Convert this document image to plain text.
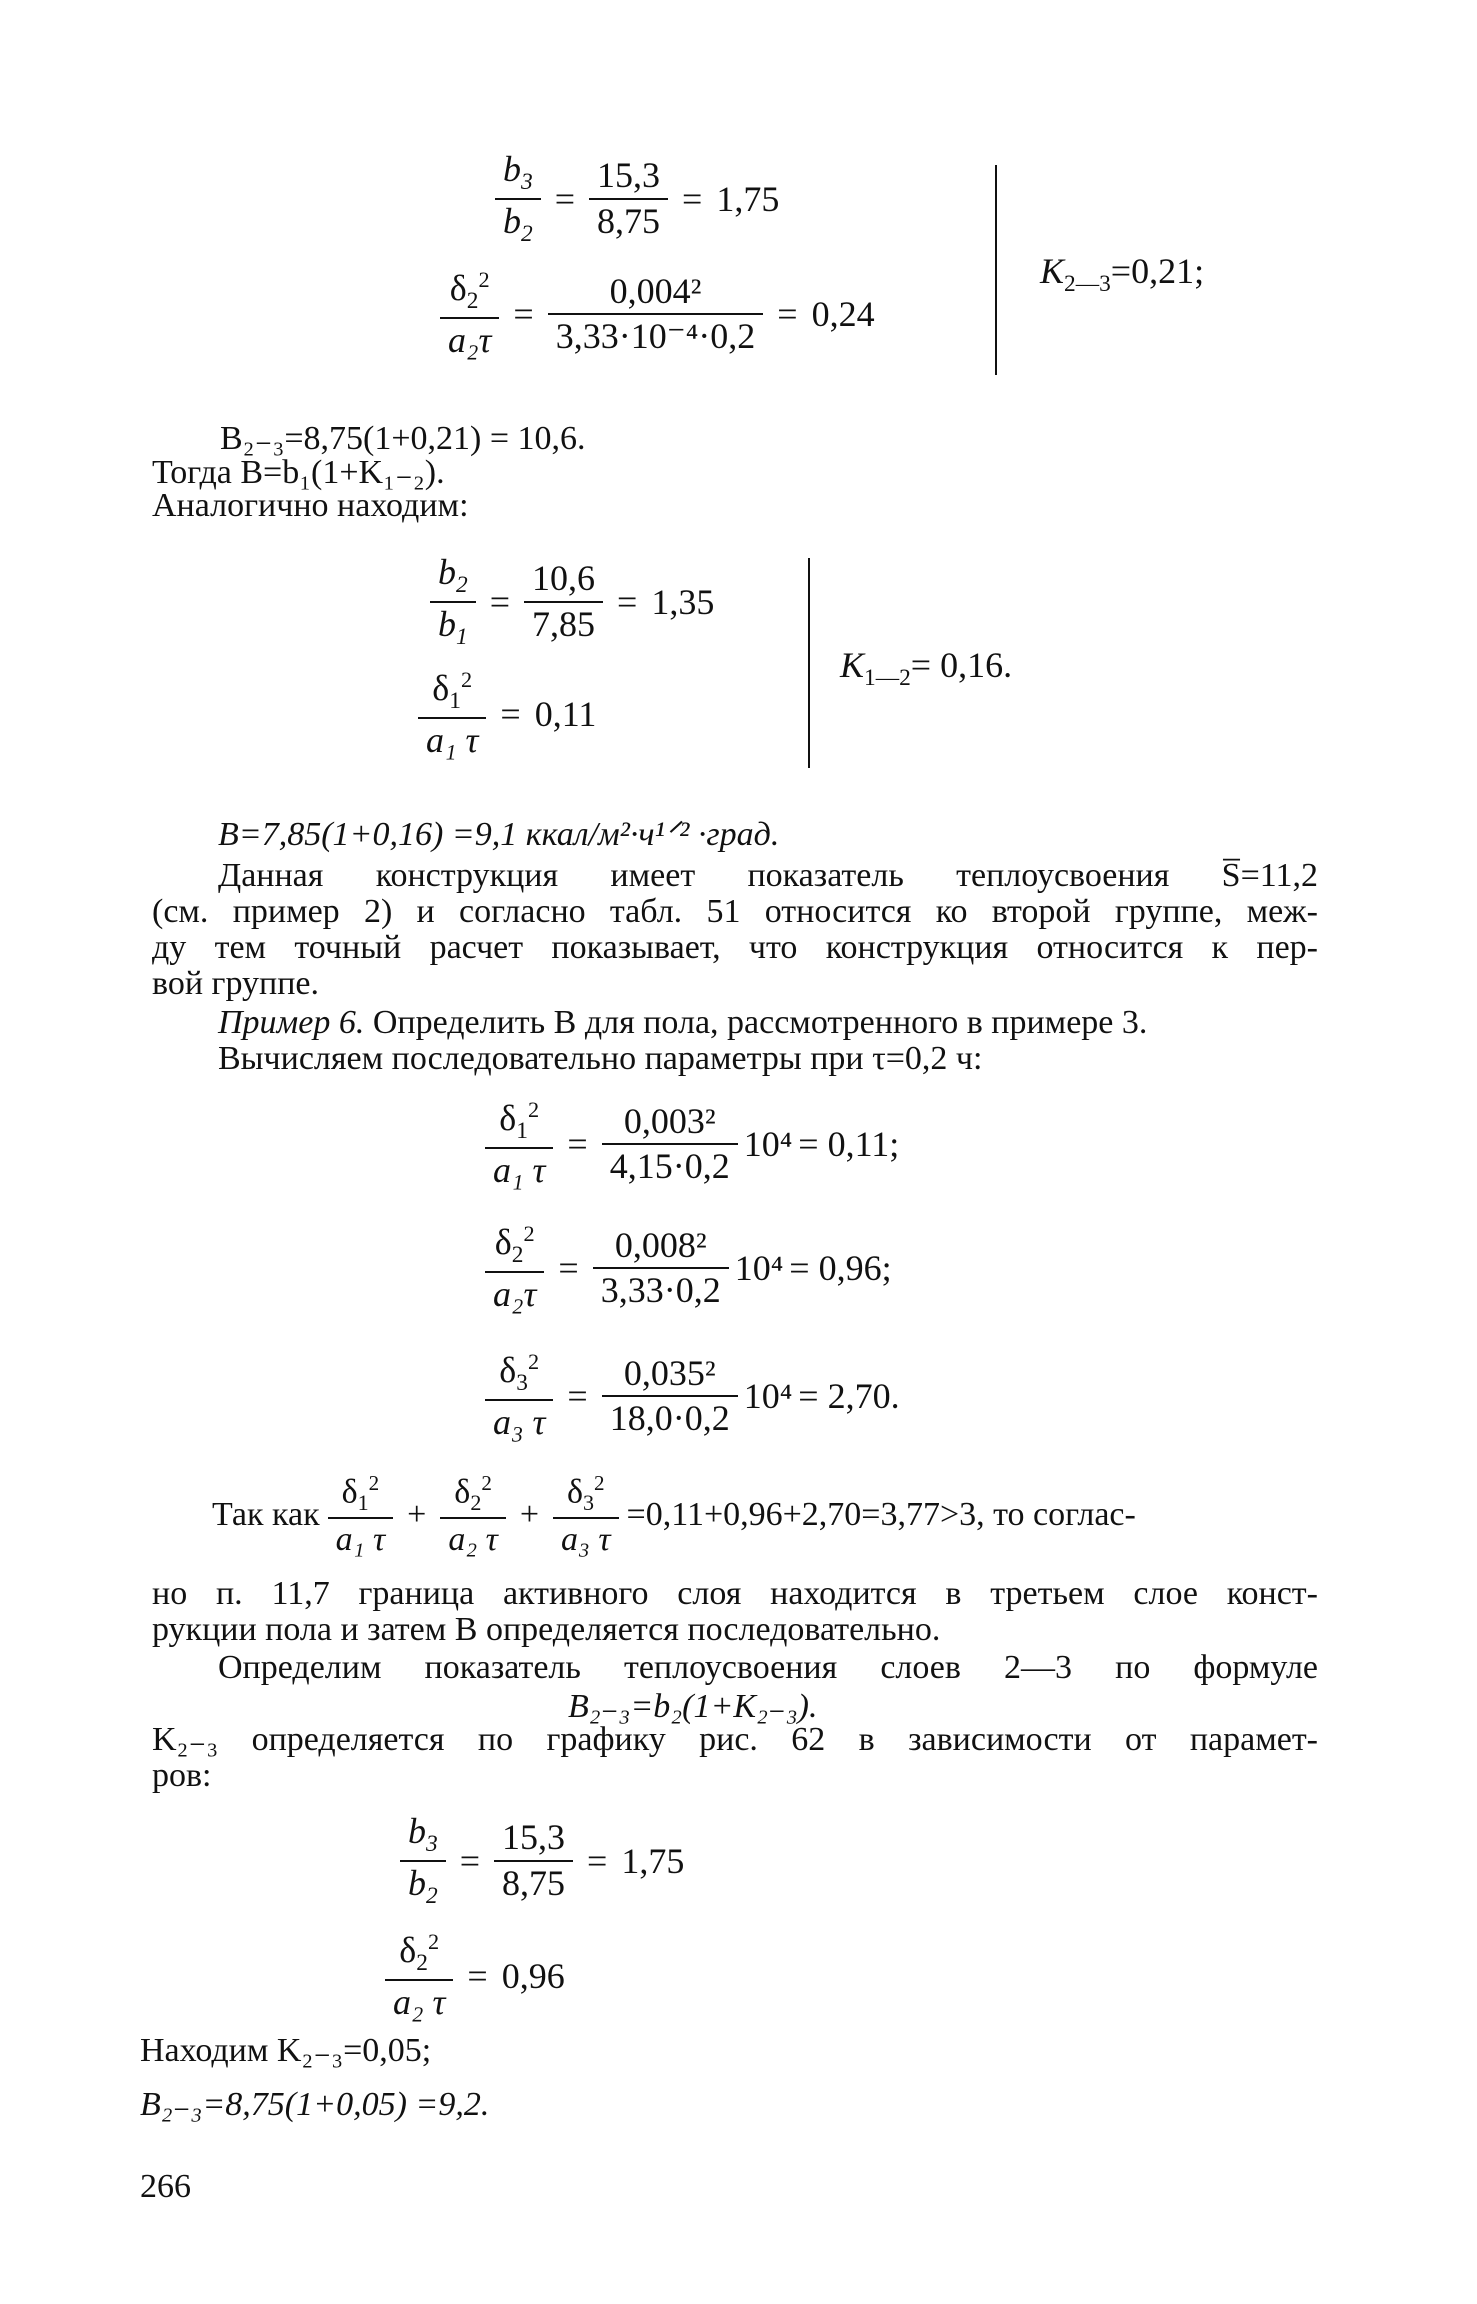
$\frac{b_3}{b_2} = \frac{15,3}{8,75} = 1,75$
$\frac{\delta_2^2}{\text{a₂τ}} = \frac{\text{0,004²}}{\text{3,33·10⁻⁴·0,2}} = 0,24$
$K_{2—3}=0,21$;
B₂₋₃=8,75(1+0,21) = 10,6.
Тогда B=b₁(1+K₁₋₂).
Аналогично находим:
$\frac{b_2}{b_1} = \frac{10,6}{7,85} = 1,35$
$\frac{\delta_1^2}{\text{a₁ τ}} = 0,11$
$K_{1—2}= 0,16$.
B=7,85(1+0,16) =9,1 ккал/м²·ч¹ᐟ² ·град.
Данная конструкция имеет показатель теплоусвоения S̅=11,2
(см. пример 2) и согласно табл. 51 относится ко второй группе, меж-
ду тем точный расчет показывает, что конструкция относится к пер-
вой группе.
Пример 6. Определить B для пола, рассмотренного в примере 3.
Вычисляем последовательно параметры при τ=0,2 ч:
$\frac{\delta_1^2}{\text{a₁ τ}} = \frac{\text{0,003²}}{4,15\cdot 0,2} 10^4 = 0,11$;
$\frac{\delta_2^2}{\text{a₂τ}} = \frac{\text{0,008²}}{3,33\cdot 0,2} 10^4 = 0,96$;
$\frac{\delta_3^2}{\text{a₃ τ}} = \frac{\text{0,035²}}{18,0\cdot 0,2} 10^4 = 2,70$.
Так как $\frac{\delta_1^2}{\text{a₁ τ}} + \frac{\delta_2^2}{\text{a₂ τ}} + \frac{\delta_3^2}{\text{a₃ τ}} =0,11+0,96+2,70=3,77>3$, то соглас-
но п. 11,7 граница активного слоя находится в третьем слое конст-
рукции пола и затем B определяется последовательно.
Определим показатель теплоусвоения слоев 2—3 по формуле
B₂₋₃=b₂(1+K₂₋₃).
K₂₋₃ определяется по графику рис. 62 в зависимости от парамет-
ров:
$\frac{b_3}{b_2} = \frac{15,3}{8,75} = 1,75$
$\frac{\delta_2^2}{\text{a₂ τ}} = 0,96$
Находим K₂₋₃=0,05;
B₂₋₃=8,75(1+0,05) =9,2.
266
